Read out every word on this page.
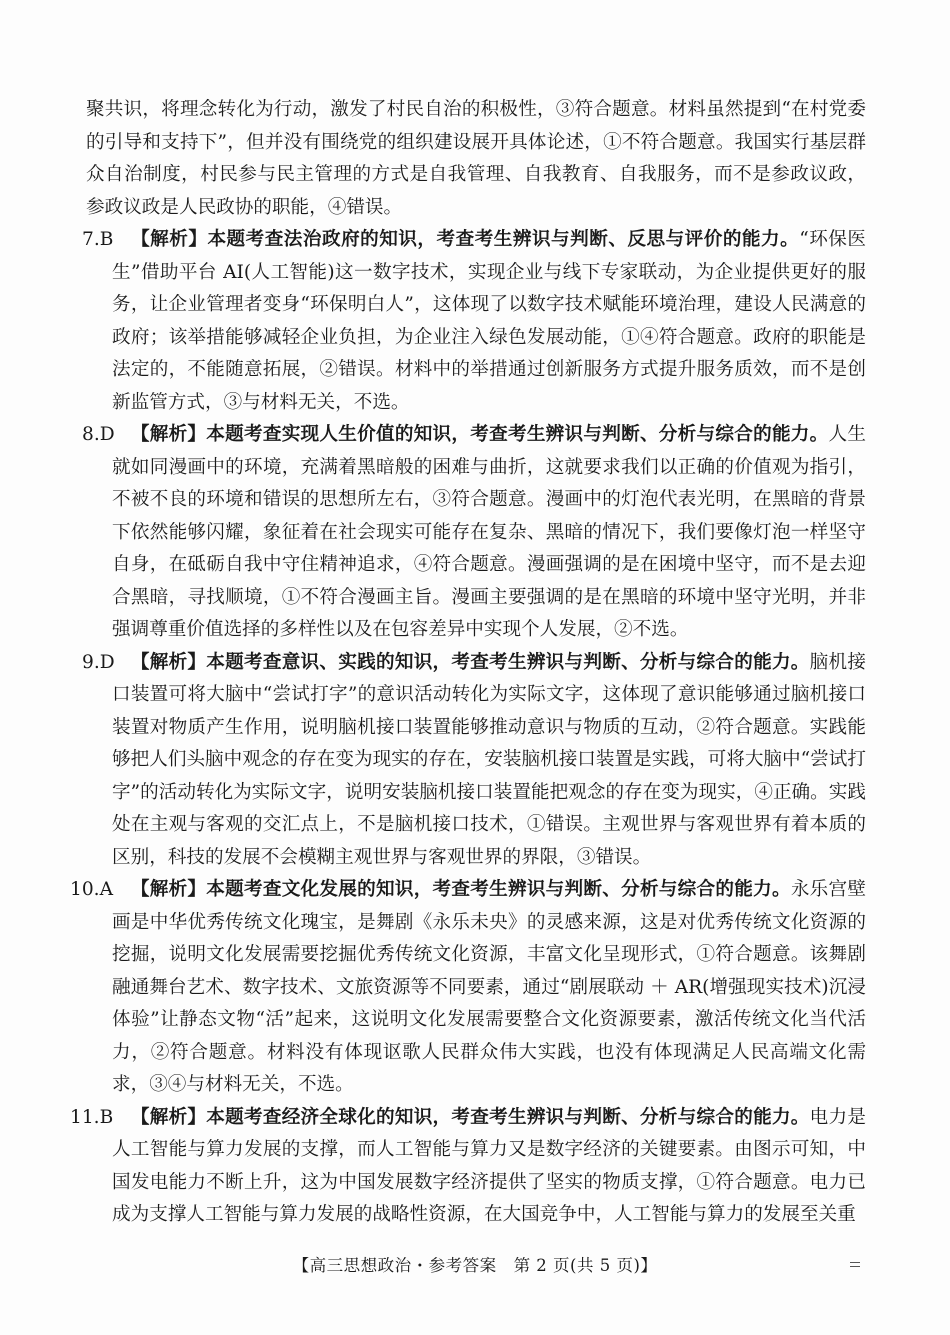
聚共识，将理念转化为行动，激发了村民自治的积极性，③符合题意。材料虽然提到“在村党委的引导和支持下”，但并没有围绕党的组织建设展开具体论述，①不符合题意。我国实行基层群众自治制度，村民参与民主管理的方式是自我管理、自我教育、自我服务，而不是参政议政，参政议政是人民政协的职能，④错误。

7.B
  【解析】本题考查法治政府的知识，考查考生辨识与判断、反思与评价的能力。“环保医生”借助平台 AI(人工智能)这一数字技术，实现企业与线下专家联动，为企业提供更好的服务，让企业管理者变身“环保明白人”，这体现了以数字技术赋能环境治理，建设人民满意的政府；该举措能够减轻企业负担，为企业注入绿色发展动能，①④符合题意。政府的职能是法定的，不能随意拓展，②错误。材料中的举措通过创新服务方式提升服务质效，而不是创新监管方式，③与材料无关，不选。
8.D
  【解析】本题考查实现人生价值的知识，考查考生辨识与判断、分析与综合的能力。人生就如同漫画中的环境，充满着黑暗般的困难与曲折，这就要求我们以正确的价值观为指引，不被不良的环境和错误的思想所左右，③符合题意。漫画中的灯泡代表光明，在黑暗的背景下依然能够闪耀，象征着在社会现实可能存在复杂、黑暗的情况下，我们要像灯泡一样坚守自身，在砥砺自我中守住精神追求，④符合题意。漫画强调的是在困境中坚守，而不是去迎合黑暗，寻找顺境，①不符合漫画主旨。漫画主要强调的是在黑暗的环境中坚守光明，并非强调尊重价值选择的多样性以及在包容差异中实现个人发展，②不选。
9.D
  【解析】本题考查意识、实践的知识，考查考生辨识与判断、分析与综合的能力。脑机接口装置可将大脑中“尝试打字”的意识活动转化为实际文字，这体现了意识能够通过脑机接口装置对物质产生作用，说明脑机接口装置能够推动意识与物质的互动，②符合题意。实践能够把人们头脑中观念的存在变为现实的存在，安装脑机接口装置是实践，可将大脑中“尝试打字”的活动转化为实际文字，说明安装脑机接口装置能把观念的存在变为现实，④正确。实践处在主观与客观的交汇点上，不是脑机接口技术，①错误。主观世界与客观世界有着本质的区别，科技的发展不会模糊主观世界与客观世界的界限，③错误。
10.A
  【解析】本题考查文化发展的知识，考查考生辨识与判断、分析与综合的能力。永乐宫壁画是中华优秀传统文化瑰宝，是舞剧《永乐未央》的灵感来源，这是对优秀传统文化资源的挖掘，说明文化发展需要挖掘优秀传统文化资源，丰富文化呈现形式，①符合题意。该舞剧融通舞台艺术、数字技术、文旅资源等不同要素，通过“剧展联动 ＋ AR(增强现实技术)沉浸体验”让静态文物“活”起来，这说明文化发展需要整合文化资源要素，激活传统文化当代活力，②符合题意。材料没有体现讴歌人民群众伟大实践，也没有体现满足人民高端文化需求，③④与材料无关，不选。
11.B
  【解析】本题考查经济全球化的知识，考查考生辨识与判断、分析与综合的能力。电力是人工智能与算力发展的支撑，而人工智能与算力又是数字经济的关键要素。由图示可知，中国发电能力不断上升，这为中国发展数字经济提供了坚实的物质支撑，①符合题意。电力已成为支撑人工智能与算力发展的战略性资源，在大国竞争中，人工智能与算力的发展至关重
【高三思想政治・参考答案　第 2 页(共 5 页)】
